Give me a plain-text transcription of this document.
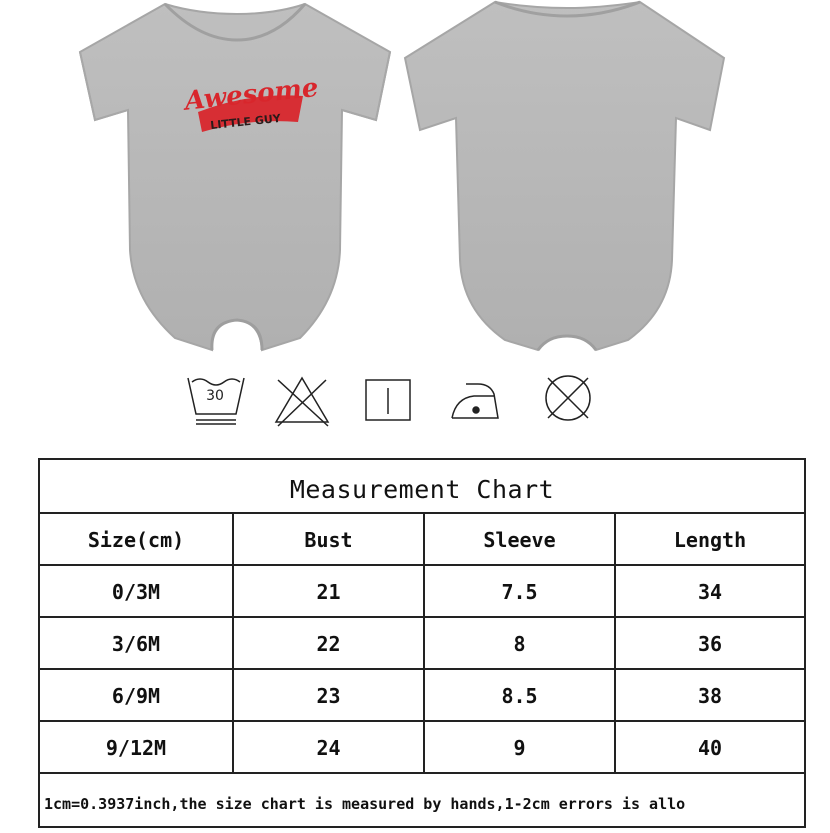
Awesome
LITTLE GUY
30
Measurement Chart
Size(cm)	Bust	Sleeve	Length
0/3M	21	7.5	34
3/6M	22	8	36
6/9M	23	8.5	38
9/12M	24	9	40
1cm=0.3937inch,the size chart is measured by hands,1-2cm errors is allo
